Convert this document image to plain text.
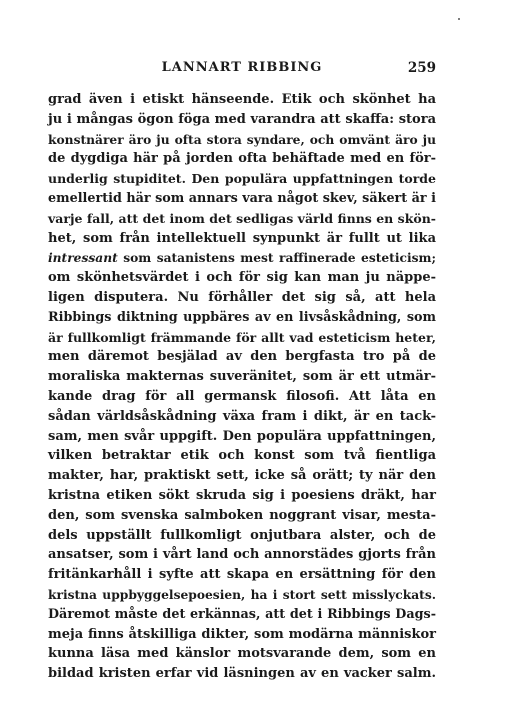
LANNART RIBBING	259
grad även i etiskt hänseende. Etik och skönhet ha
ju i mångas ögon föga med varandra att skaffa: stora
konstnärer äro ju ofta stora syndare, och omvänt äro ju
de dygdiga här på jorden ofta behäftade med en för-
underlig stupiditet. Den populära uppfattningen torde
emellertid här som annars vara något skev, säkert är i
varje fall, att det inom det sedligas värld finns en skön-
het, som från intellektuell synpunkt är fullt ut lika
intressant som satanistens mest raffinerade esteticism;
om skönhetsvärdet i och för sig kan man ju näppe-
ligen disputera. Nu förhåller det sig så, att hela
Ribbings diktning uppbäres av en livsåskådning, som
är fullkomligt främmande för allt vad esteticism heter,
men däremot besjälad av den bergfasta tro på de
moraliska makternas suveränitet, som är ett utmär-
kande drag för all germansk filosofi. Att låta en
sådan världsåskådning växa fram i dikt, är en tack-
sam, men svår uppgift. Den populära uppfattningen,
vilken betraktar etik och konst som två fientliga
makter, har, praktiskt sett, icke så orätt; ty när den
kristna etiken sökt skruda sig i poesiens dräkt, har
den, som svenska salmboken noggrant visar, mesta-
dels uppställt fullkomligt onjutbara alster, och de
ansatser, som i vårt land och annorstädes gjorts från
fritänkarhåll i syfte att skapa en ersättning för den
kristna uppbyggelsepoesien, ha i stort sett misslyckats.
Däremot måste det erkännas, att det i Ribbings Dags-
meja finns åtskilliga dikter, som modärna människor
kunna läsa med känslor motsvarande dem, som en
bildad kristen erfar vid läsningen av en vacker salm.
